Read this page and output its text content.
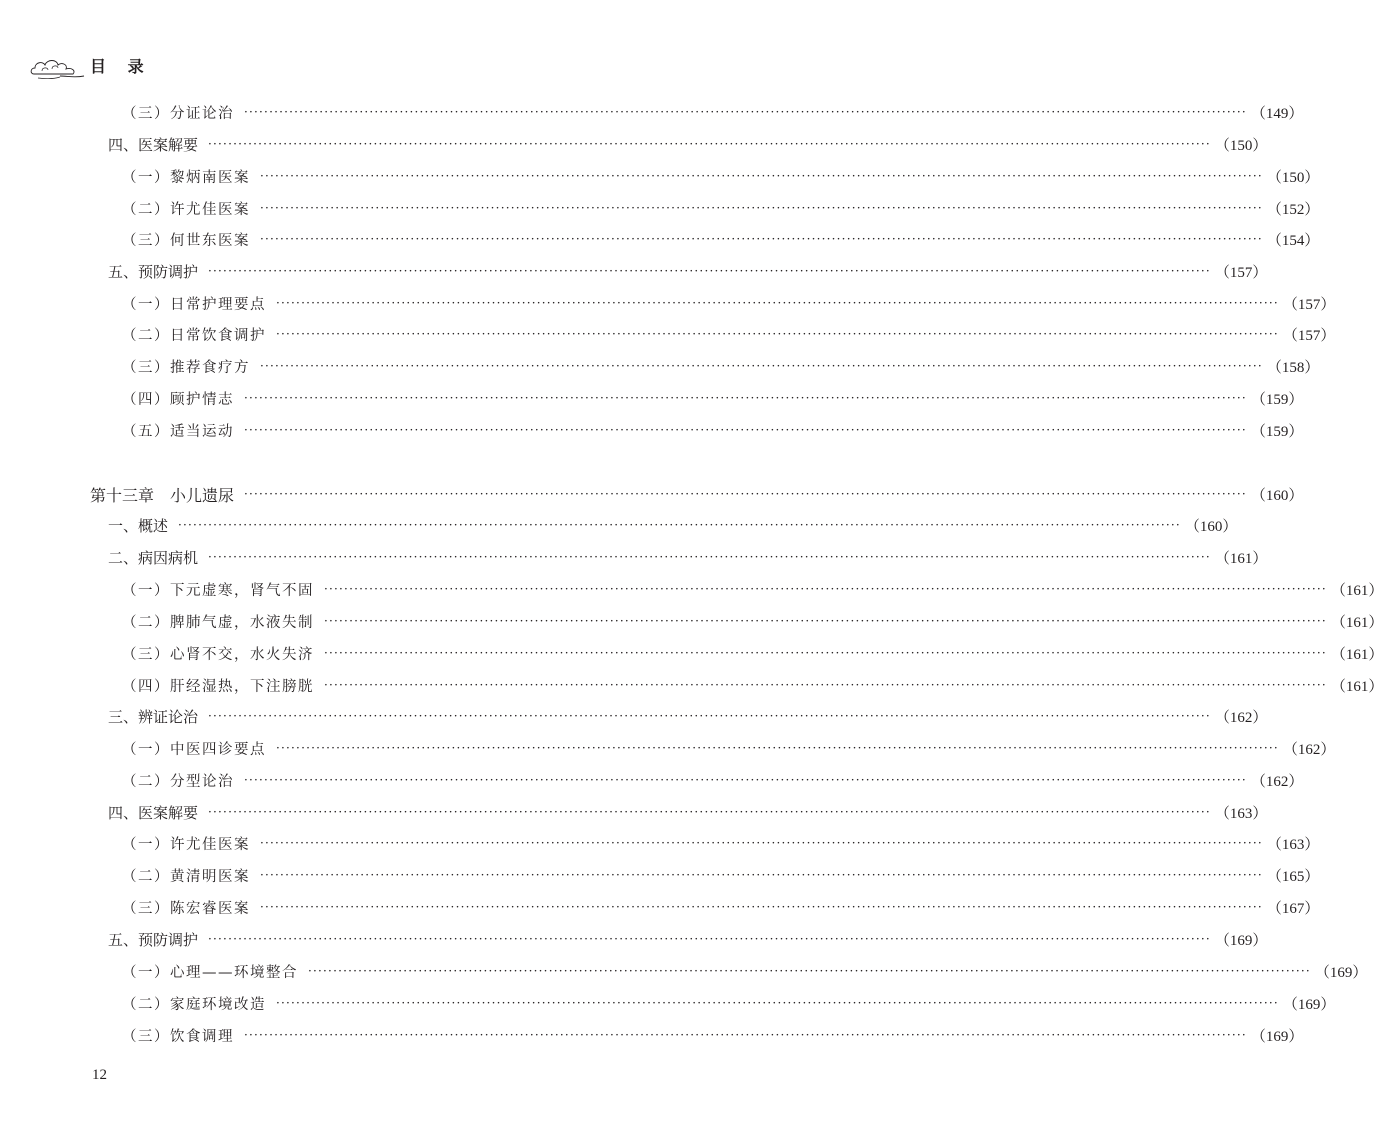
目 录
（三）分证论治 ········································································································································································································ （149）
四、医案解要 ········································································································································································································ （150）
（一）黎炳南医案 ········································································································································································································ （150）
（二）许尤佳医案 ········································································································································································································ （152）
（三）何世东医案 ········································································································································································································ （154）
五、预防调护 ········································································································································································································ （157）
（一）日常护理要点 ········································································································································································································ （157）
（二）日常饮食调护 ········································································································································································································ （157）
（三）推荐食疗方 ········································································································································································································ （158）
（四）顾护情志 ········································································································································································································ （159）
（五）适当运动 ········································································································································································································ （159）
第十三章　小儿遗尿 ········································································································································································································ （160）
一、概述 ········································································································································································································ （160）
二、病因病机 ········································································································································································································ （161）
（一）下元虚寒，肾气不固 ········································································································································································································ （161）
（二）脾肺气虚，水液失制 ········································································································································································································ （161）
（三）心肾不交，水火失济 ········································································································································································································ （161）
（四）肝经湿热，下注膀胱 ········································································································································································································ （161）
三、辨证论治 ········································································································································································································ （162）
（一）中医四诊要点 ········································································································································································································ （162）
（二）分型论治 ········································································································································································································ （162）
四、医案解要 ········································································································································································································ （163）
（一）许尤佳医案 ········································································································································································································ （163）
（二）黄清明医案 ········································································································································································································ （165）
（三）陈宏睿医案 ········································································································································································································ （167）
五、预防调护 ········································································································································································································ （169）
（一）心理——环境整合 ········································································································································································································ （169）
（二）家庭环境改造 ········································································································································································································ （169）
（三）饮食调理 ········································································································································································································ （169）
12
